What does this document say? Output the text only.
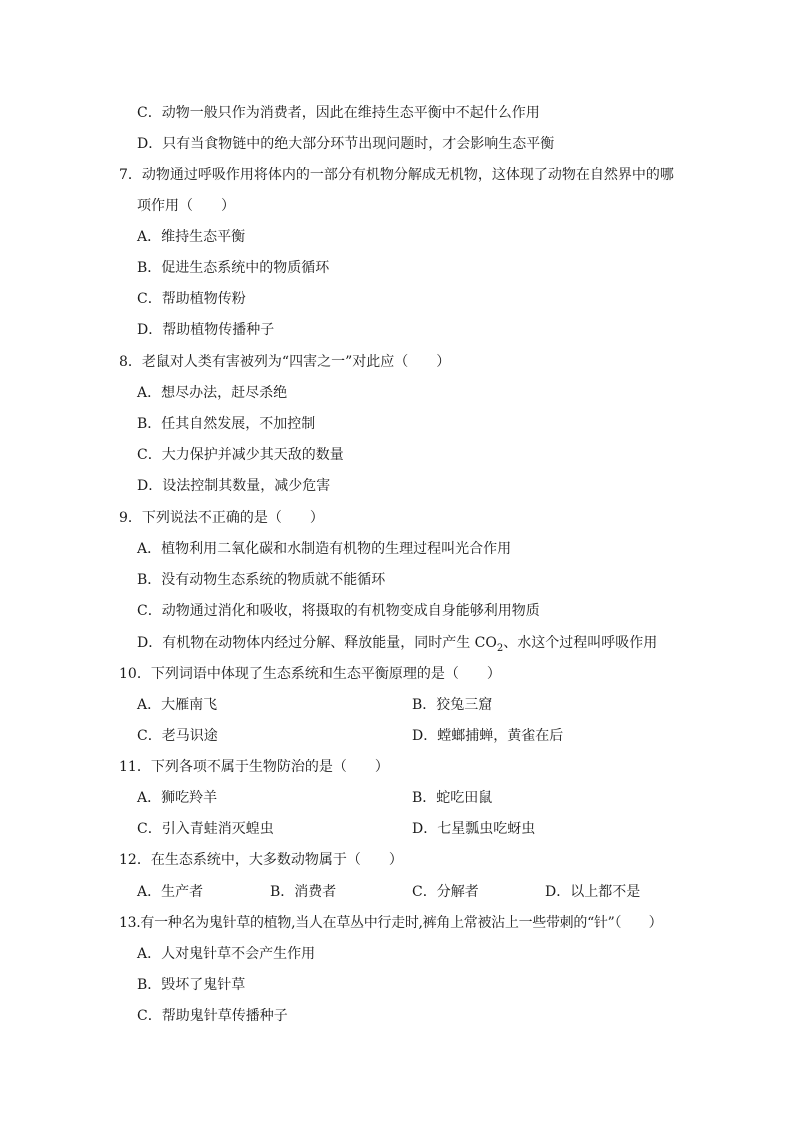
C．动物一般只作为消费者，因此在维持生态平衡中不起什么作用
D．只有当食物链中的绝大部分环节出现问题时，才会影响生态平衡
7．动物通过呼吸作用将体内的一部分有机物分解成无机物，这体现了动物在自然界中的哪
项作用（　　）
A．维持生态平衡
B．促进生态系统中的物质循环
C．帮助植物传粉
D．帮助植物传播种子
8．老鼠对人类有害被列为“四害之一”对此应（　　）
A．想尽办法，赶尽杀绝
B．任其自然发展，不加控制
C．大力保护并减少其天敌的数量
D．设法控制其数量，减少危害
9．下列说法不正确的是（　　）
A．植物利用二氧化碳和水制造有机物的生理过程叫光合作用
B．没有动物生态系统的物质就不能循环
C．动物通过消化和吸收，将摄取的有机物变成自身能够利用物质
D．有机物在动物体内经过分解、释放能量，同时产生 $CO_2$、水这个过程叫呼吸作用
10．下列词语中体现了生态系统和生态平衡原理的是（　　）
A．大雁南飞	B．狡兔三窟
C．老马识途	D．螳螂捕蝉，黄雀在后
11．下列各项不属于生物防治的是（　　）
A．狮吃羚羊	B．蛇吃田鼠
C．引入青蛙消灭蝗虫	D．七星瓢虫吃蚜虫
12．在生态系统中，大多数动物属于（　　）
A．生产者	B．消费者	C．分解者	D．以上都不是
13.有一种名为鬼针草的植物,当人在草丛中行走时,裤角上常被沾上一些带刺的“针”（　　）
A．人对鬼针草不会产生作用
B．毁坏了鬼针草
C．帮助鬼针草传播种子
